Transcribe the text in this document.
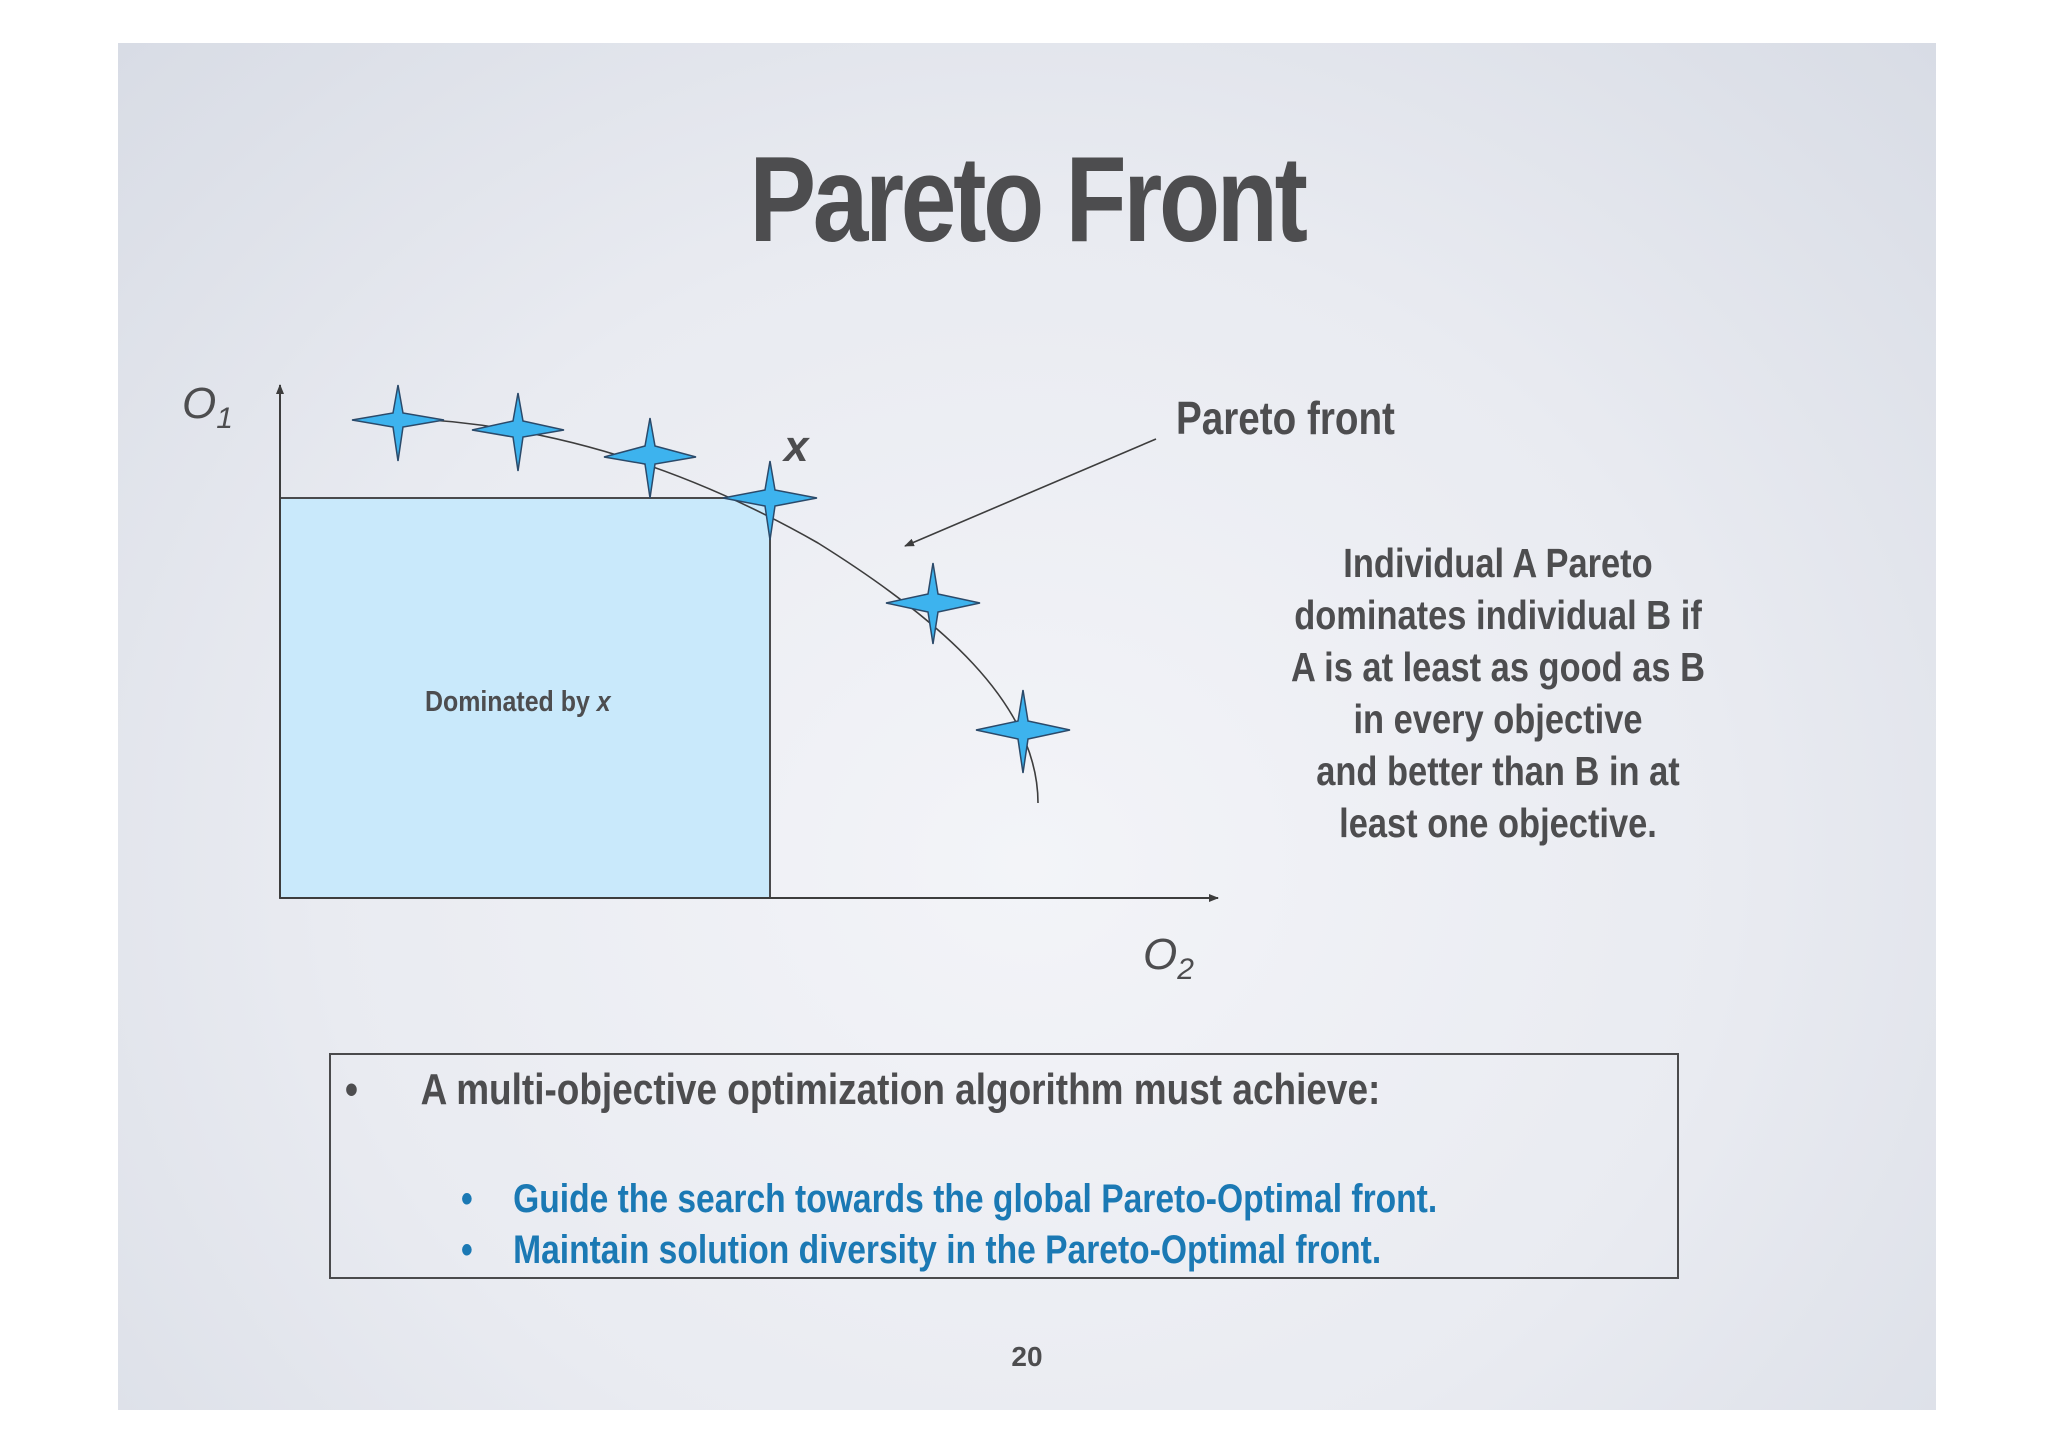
Pareto Front
$O_1$
$O_2$
x
Dominated by x
Pareto front
Individual A Pareto
dominates individual B if
A is at least as good as B
in every objective
and better than B in at
least one objective.
• A multi-objective optimization algorithm must achieve:
• Guide the search towards the global Pareto-Optimal front.
• Maintain solution diversity in the Pareto-Optimal front.
20
